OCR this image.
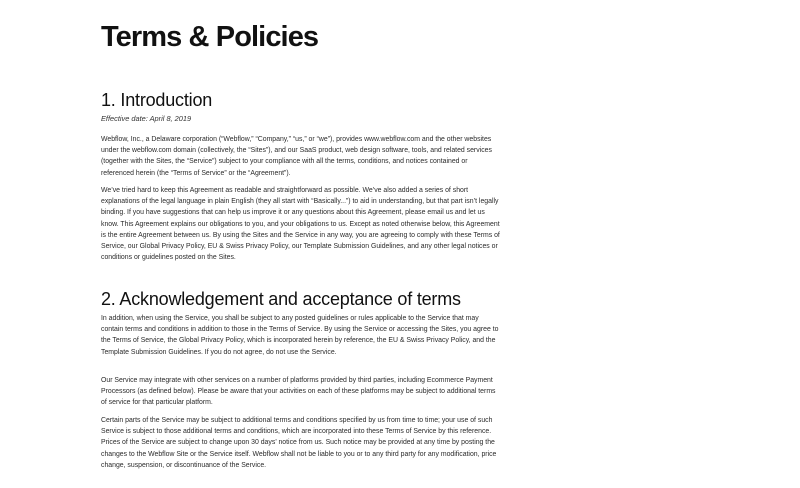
Terms & Policies
1. Introduction

Effective date: April 8, 2019

Webflow, Inc., a Delaware corporation (“Webflow,” “Company,” “us,” or “we”), provides www.webflow.com and the other websites under the webflow.com domain (collectively, the “Sites”), and our SaaS product, web design software, tools, and related services (together with the Sites, the “Service”) subject to your compliance with all the terms, conditions, and notices contained or referenced herein (the “Terms of Service” or the “Agreement”).

We’ve tried hard to keep this Agreement as readable and straightforward as possible. We’ve also added a series of short explanations of the legal language in plain English (they all start with “Basically...”) to aid in understanding, but that part isn’t legally binding. If you have suggestions that can help us improve it or any questions about this Agreement, please email us and let us know. This Agreement explains our obligations to you, and your obligations to us. Except as noted otherwise below, this Agreement is the entire Agreement between us. By using the Sites and the Service in any way, you are agreeing to comply with these Terms of Service, our Global Privacy Policy, EU & Swiss Privacy Policy, our Template Submission Guidelines, and any other legal notices or conditions or guidelines posted on the Sites.

2. Acknowledgement and acceptance of terms

In addition, when using the Service, you shall be subject to any posted guidelines or rules applicable to the Service that may contain terms and conditions in addition to those in the Terms of Service. By using the Service or accessing the Sites, you agree to the Terms of Service, the Global Privacy Policy, which is incorporated herein by reference, the EU & Swiss Privacy Policy, and the Template Submission Guidelines. If you do not agree, do not use the Service.

Our Service may integrate with other services on a number of platforms provided by third parties, including Ecommerce Payment Processors (as defined below). Please be aware that your activities on each of these platforms may be subject to additional terms of service for that particular platform.

Certain parts of the Service may be subject to additional terms and conditions specified by us from time to time; your use of such Service is subject to those additional terms and conditions, which are incorporated into these Terms of Service by this reference. Prices of the Service are subject to change upon 30 days’ notice from us. Such notice may be provided at any time by posting the changes to the Webflow Site or the Service itself. Webflow shall not be liable to you or to any third party for any modification, price change, suspension, or discontinuance of the Service.
